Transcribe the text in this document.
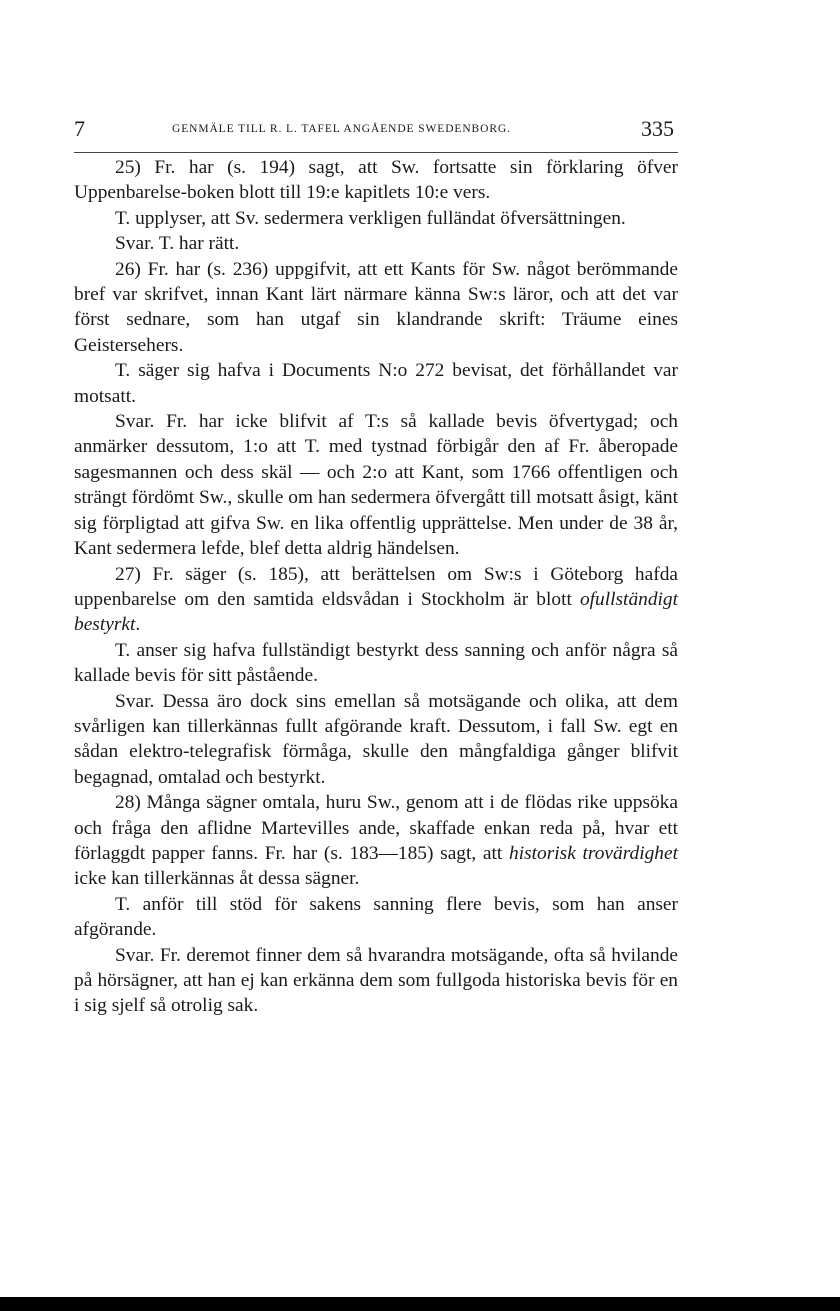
7	GENMÄLE TILL R. L. TAFEL ANGÅENDE SWEDENBORG.	335

25) Fr. har (s. 194) sagt, att Sw. fortsatte sin förklaring öfver Uppenbarelse-boken blott till 19:e kapitlets 10:e vers.

T. upplyser, att Sv. sedermera verkligen fulländat öfversättningen.

Svar. T. har rätt.

26) Fr. har (s. 236) uppgifvit, att ett Kants för Sw. något berömmande bref var skrifvet, innan Kant lärt närmare känna Sw:s läror, och att det var först sednare, som han utgaf sin klandrande skrift: Träume eines Geistersehers.

T. säger sig hafva i Documents N:o 272 bevisat, det förhållandet var motsatt.

Svar. Fr. har icke blifvit af T:s så kallade bevis öfvertygad; och anmärker dessutom, 1:o att T. med tystnad förbigår den af Fr. åberopade sagesmannen och dess skäl — och 2:o att Kant, som 1766 offentligen och strängt fördömt Sw., skulle om han sedermera öfvergått till motsatt åsigt, känt sig förpligtad att gifva Sw. en lika offentlig upprättelse. Men under de 38 år, Kant sedermera lefde, blef detta aldrig händelsen.

27) Fr. säger (s. 185), att berättelsen om Sw:s i Göteborg hafda uppenbarelse om den samtida eldsvådan i Stockholm är blott ofullständigt bestyrkt.

T. anser sig hafva fullständigt bestyrkt dess sanning och anför några så kallade bevis för sitt påstående.

Svar. Dessa äro dock sins emellan så motsägande och olika, att dem svårligen kan tillerkännas fullt afgörande kraft. Dessutom, i fall Sw. egt en sådan elektro-telegrafisk förmåga, skulle den mångfaldiga gånger blifvit begagnad, omtalad och bestyrkt.

28) Många sägner omtala, huru Sw., genom att i de flödas rike uppsöka och fråga den aflidne Martevilles ande, skaffade enkan reda på, hvar ett förlaggdt papper fanns. Fr. har (s. 183—185) sagt, att historisk trovärdighet icke kan tillerkännas åt dessa sägner.

T. anför till stöd för sakens sanning flere bevis, som han anser afgörande.

Svar. Fr. deremot finner dem så hvarandra motsägande, ofta så hvilande på hörsägner, att han ej kan erkänna dem som fullgoda historiska bevis för en i sig sjelf så otrolig sak.
